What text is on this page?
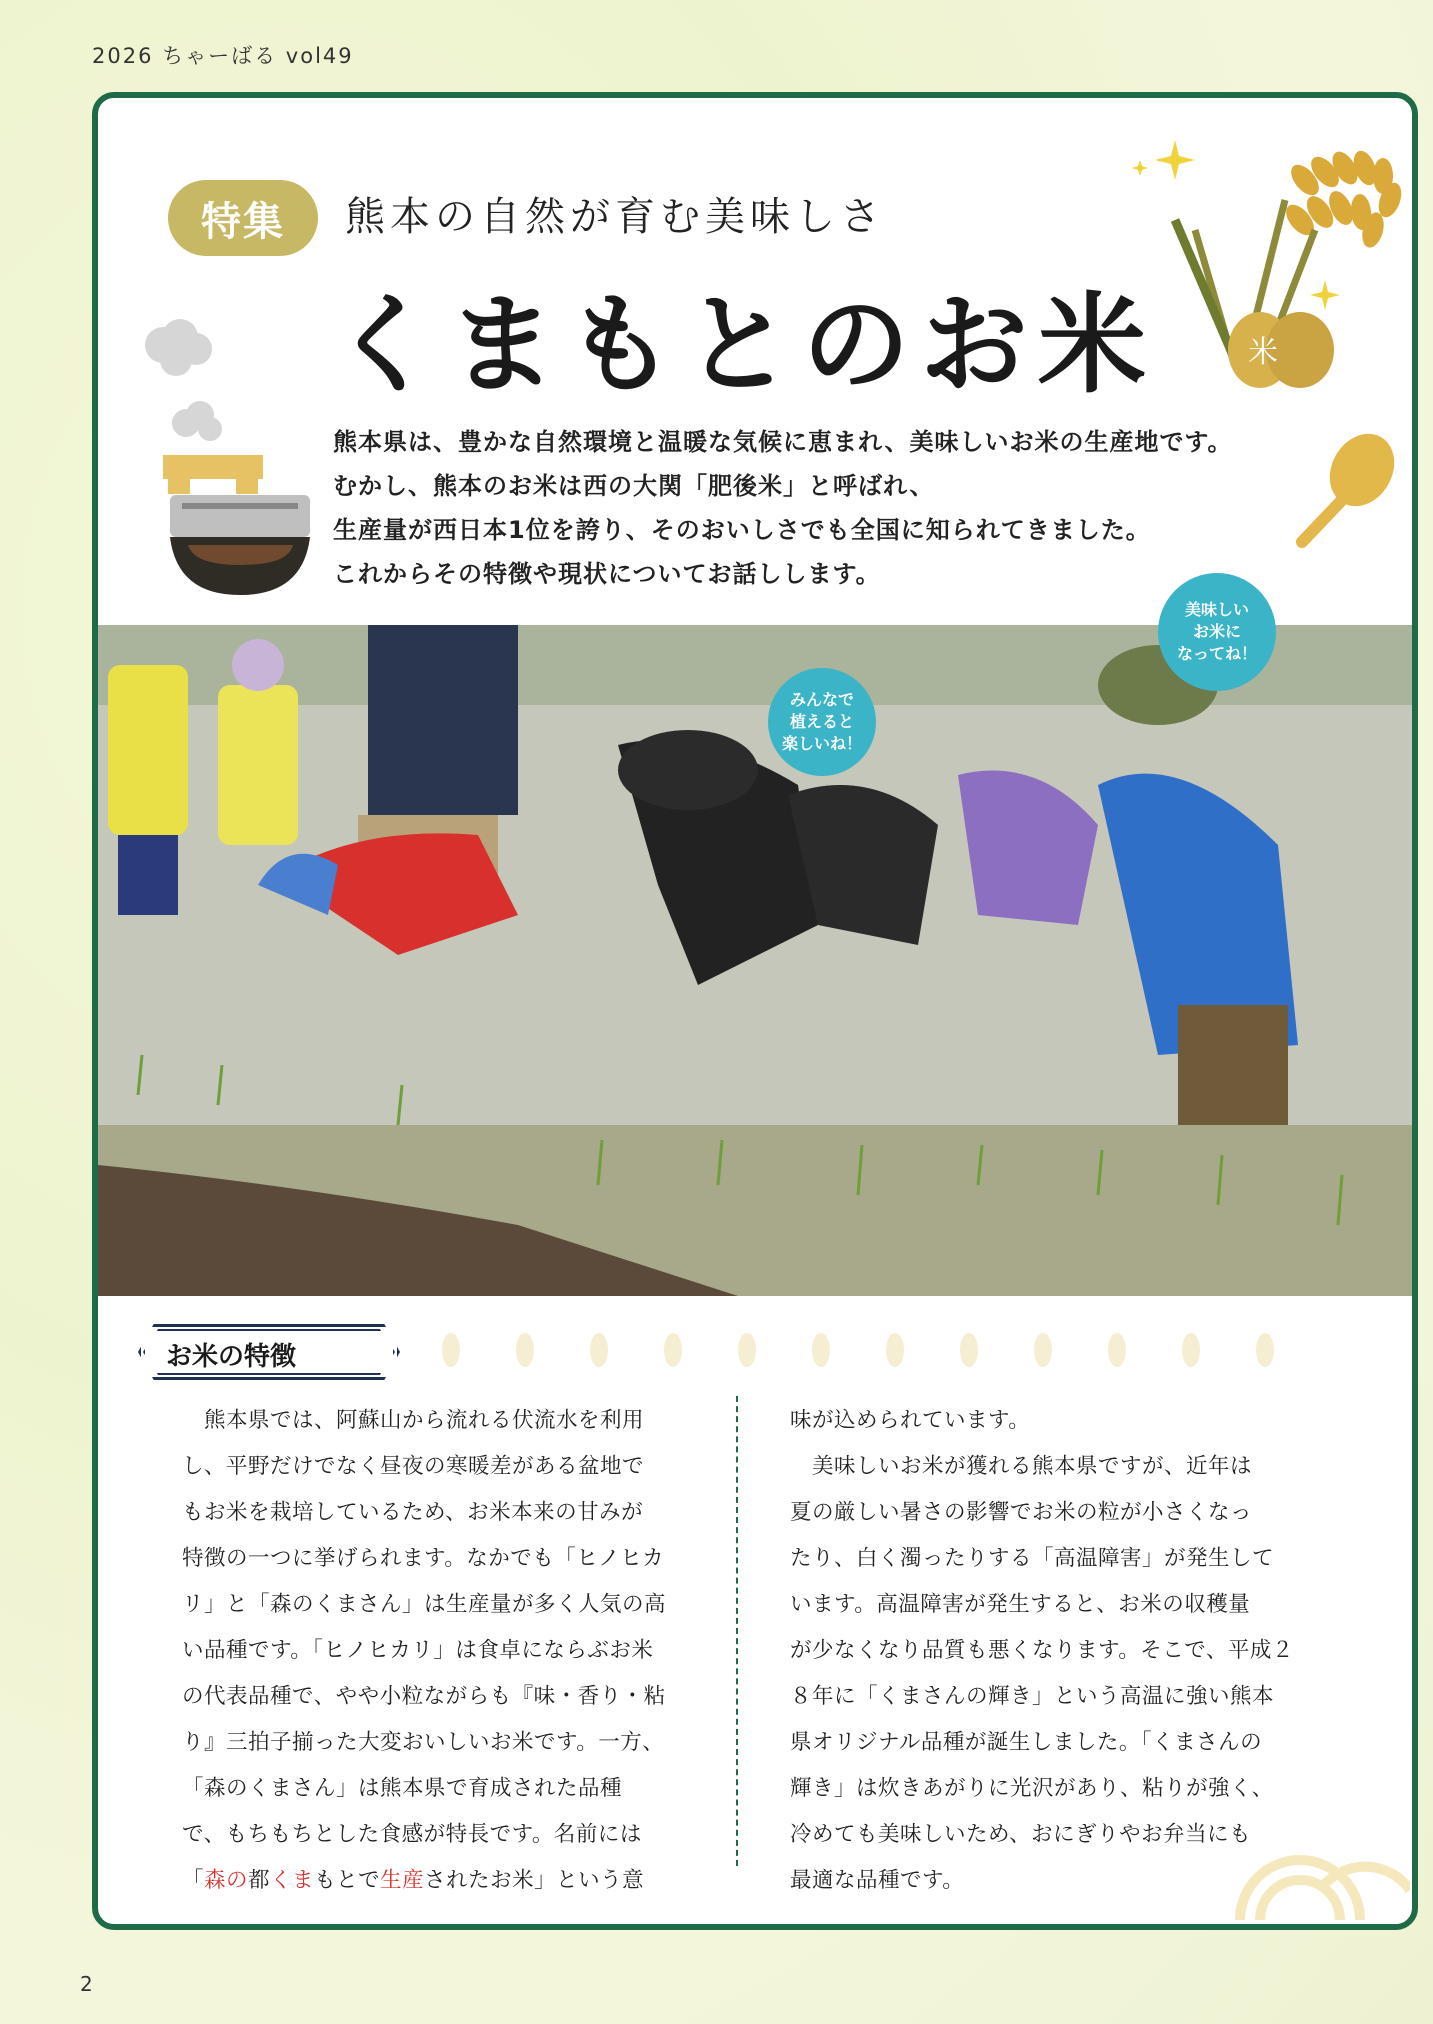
2026 ちゃーばる vol49
米
特集	熊本の自然が育む美味しさ
くまもとのお米

熊本県は、豊かな自然環境と温暖な気候に恵まれ、美味しいお米の生産地です。

むかし、熊本のお米は西の大関「肥後米」と呼ばれ、

生産量が西日本1位を誇り、そのおいしさでも全国に知られてきました。

これからその特徴や現状についてお話しします。

みんなで
植えると
楽しいね！
美味しい
お米に
なってね！
お米の特徴

　熊本県では、阿蘇山から流れる伏流水を利用

し、平野だけでなく昼夜の寒暖差がある盆地で

もお米を栽培しているため、お米本来の甘みが

特徴の一つに挙げられます。なかでも「ヒノヒカ

リ」と「森のくまさん」は生産量が多く人気の高

い品種です。「ヒノヒカリ」は食卓にならぶお米

の代表品種で、やや小粒ながらも『味・香り・粘

り』三拍子揃った大変おいしいお米です。一方、

「森のくまさん」は熊本県で育成された品種

で、もちもちとした食感が特長です。名前には

「森の都くまもとで生産されたお米」という意

味が込められています。

　美味しいお米が獲れる熊本県ですが、近年は

夏の厳しい暑さの影響でお米の粒が小さくなっ

たり、白く濁ったりする「高温障害」が発生して

います。高温障害が発生すると、お米の収穫量

が少なくなり品質も悪くなります。そこで、平成２

８年に「くまさんの輝き」という高温に強い熊本

県オリジナル品種が誕生しました。「くまさんの

輝き」は炊きあがりに光沢があり、粘りが強く、

冷めても美味しいため、おにぎりやお弁当にも

最適な品種です。

2
